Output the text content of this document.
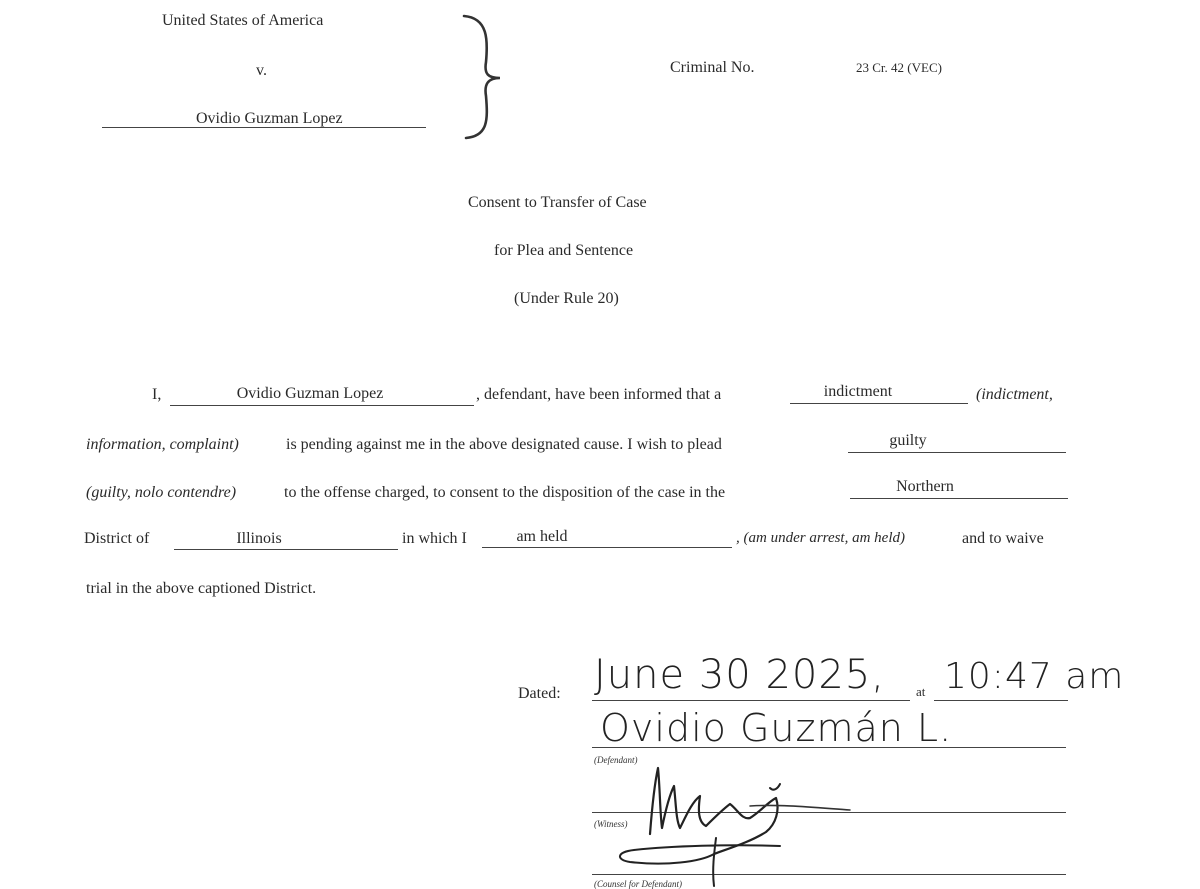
United States of America
v.
Ovidio Guzman Lopez
Criminal No.	23 Cr. 42 (VEC)
Consent to Transfer of Case
for Plea and Sentence
(Under Rule 20)
I,	Ovidio Guzman Lopez	, defendant, have been informed that a	indictment	(indictment,
information, complaint)	is pending against me in the above designated cause. I wish to plead	guilty
(guilty, nolo contendre)	to the offense charged, to consent to the disposition of the case in the	Northern
District of	Illinois	in which I	am held	, (am under arrest, am held)	and to waive
trial in the above captioned District.
Dated: June 30 2025, at 10:47 am
Ovidio Guzmán L.
(Defendant)
(Witness)
(Counsel for Defendant)
